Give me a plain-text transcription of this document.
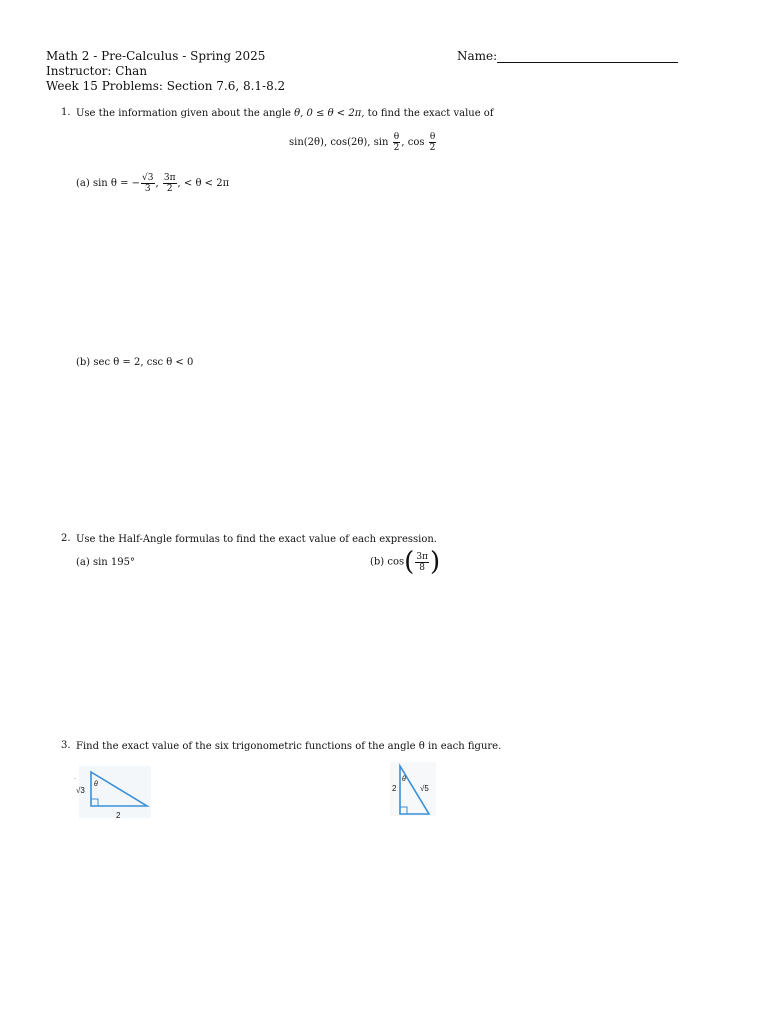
Math 2 - Pre-Calculus - Spring 2025
Instructor: Chan
Week 15 Problems: Section 7.6, 8.1-8.2
Name:
1. Use the information given about the angle θ, 0 ≤ θ < 2π, to find the exact value of
sin(2θ), cos(2θ), $\sin \frac{\theta}{2}$ , $\cos \frac{\theta}{2}$
(a) sin θ = − $\frac{√3}{3}$ , $\frac{3\pi}{2}$ , < θ < 2π
(b) sec θ = 2, csc θ < 0
2. Use the Half-Angle formulas to find the exact value of each expression.
(a) sin 195°	(b) $\cos( \frac{3\pi}{8}$ )
3. Find the exact value of the six trigonometric functions of the angle θ in each figure.
√3
θ
2
·
2
θ
√5
